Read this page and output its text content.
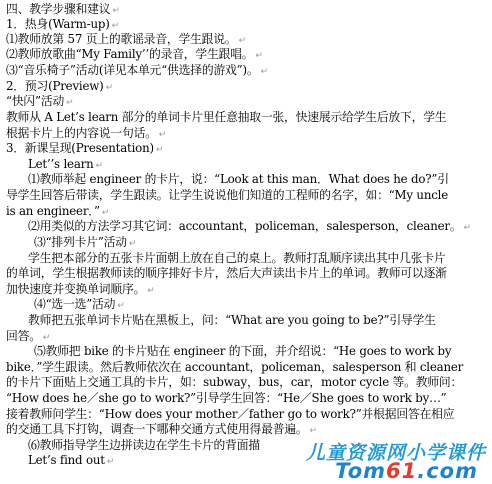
四、教学步骤和建议 ↵
1．热身(Warm-up) ↵
⑴教师放第 57 页上的歌谣录音，学生跟说。 ↵
⑵教师放歌曲“My Family’’的录音，学生跟唱。 ↵
⑶“音乐椅子”活动(详见本单元“供选择的游戏”)。 ↵
2．预习(Preview) ↵
“快闪”活动 ↵
教师从 A Let’s learn 部分的单词卡片里任意抽取一张，快速展示给学生后放下，学生
根据卡片上的内容说一句话。 ↵
3．新课呈现(Presentation) ↵
Let’’s learn ↵
⑴教师举起 engineer 的卡片，说：“Look at this man．What does he do?”引
导学生回答后带读，学生跟读。让学生说说他们知道的工程师的名字，如：“My uncle
is an engineer．” ↵
⑵用类似的方法学习其它词：accountant，policeman，salesperson，cleaner。 ↵
⑶“排列卡片”活动 ↵
学生把本部分的五张卡片面朝上放在自己的桌上。教师打乱顺序读出其中几张卡片
的单词，学生根据教师读的顺序排好卡片，然后大声读出卡片上的单词。教师可以逐渐
加快速度并变换单词顺序。 ↵
⑷“选一选”活动 ↵
教师把五张单词卡片贴在黑板上，问：“What are you going to be?”引导学生
回答。 ↵
⑸教师把 bike 的卡片贴在 engineer 的下面，并介绍说：“He goes to work by
bike．”学生跟读。然后教师依次在 accountant，policeman，salesperson 和 cleaner
的卡片下面贴上交通工具的卡片，如：subway，bus，car，motor cycle 等。教师问：
“How does he／she go to work?”引导学生回答：“He／She goes to work by…”
接着教师问学生：“How does your mother／father go to work?”并根据回答在相应
的交通工具下打钩，调查一下哪种交通方式使用得最普遍。 ↵
⑹教师指导学生边拼读边在学生卡片的背面描
Let’s find out ↵	儿童资源网小学课件
Tom61.com
